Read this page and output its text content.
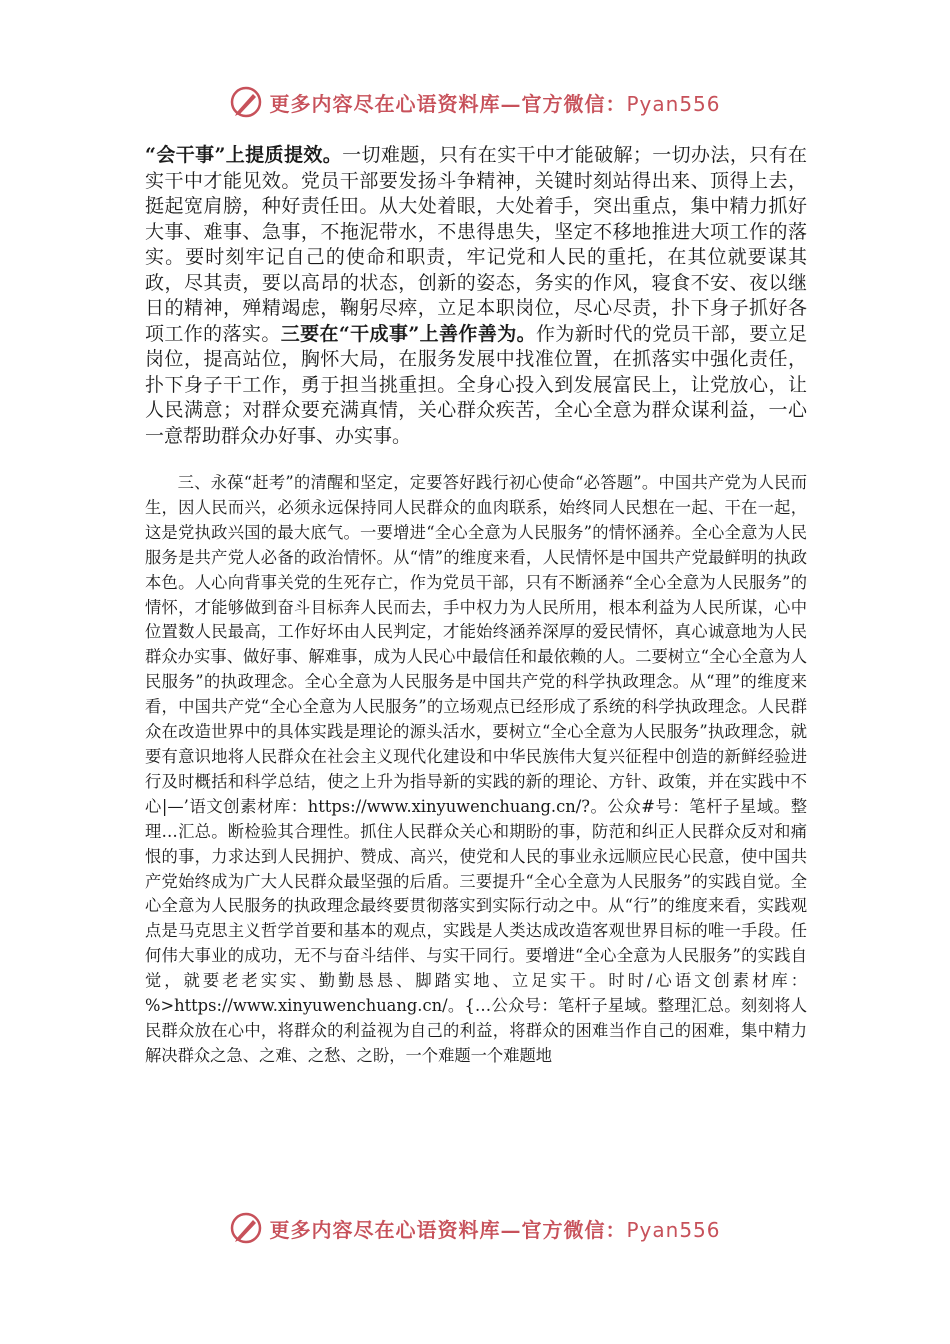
更多内容尽在心语资料库—官方微信：Pyan556

“会干事”上提质提效。一切难题，只有在实干中才能破解；一切办法，只有在实干中才能见效。党员干部要发扬斗争精神，关键时刻站得出来、顶得上去，挺起宽肩膀，种好责任田。从大处着眼，大处着手，突出重点，集中精力抓好大事、难事、急事，不拖泥带水，不患得患失，坚定不移地推进大项工作的落实。要时刻牢记自己的使命和职责，牢记党和人民的重托，在其位就要谋其政，尽其责，要以高昂的状态，创新的姿态，务实的作风，寝食不安、夜以继日的精神，殚精竭虑，鞠躬尽瘁，立足本职岗位，尽心尽责，扑下身子抓好各项工作的落实。三要在“干成事”上善作善为。作为新时代的党员干部，要立足岗位，提高站位，胸怀大局，在服务发展中找准位置，在抓落实中强化责任，扑下身子干工作，勇于担当挑重担。全身心投入到发展富民上，让党放心，让人民满意；对群众要充满真情，关心群众疾苦，全心全意为群众谋利益，一心一意帮助群众办好事、办实事。

三、永葆“赶考”的清醒和坚定，定要答好践行初心使命“必答题”。中国共产党为人民而生，因人民而兴，必须永远保持同人民群众的血肉联系，始终同人民想在一起、干在一起，这是党执政兴国的最大底气。一要增进“全心全意为人民服务”的情怀涵养。全心全意为人民服务是共产党人必备的政治情怀。从“情”的维度来看，人民情怀是中国共产党最鲜明的执政本色。人心向背事关党的生死存亡，作为党员干部，只有不断涵养“全心全意为人民服务”的情怀，才能够做到奋斗目标奔人民而去，手中权力为人民所用，根本利益为人民所谋，心中位置数人民最高，工作好坏由人民判定，才能始终涵养深厚的爱民情怀，真心诚意地为人民群众办实事、做好事、解难事，成为人民心中最信任和最依赖的人。二要树立“全心全意为人民服务”的执政理念。全心全意为人民服务是中国共产党的科学执政理念。从“理”的维度来看，中国共产党“全心全意为人民服务”的立场观点已经形成了系统的科学执政理念。人民群众在改造世界中的具体实践是理论的源头活水，要树立“全心全意为人民服务”执政理念，就要有意识地将人民群众在社会主义现代化建设和中华民族伟大复兴征程中创造的新鲜经验进行及时概括和科学总结，使之上升为指导新的实践的新的理论、方针、政策，并在实践中不心|—’语文创素材库：https://www.xinyuwenchuang.cn/?。公众#号：笔杆子星域。整理…汇总。断检验其合理性。抓住人民群众关心和期盼的事，防范和纠正人民群众反对和痛恨的事，力求达到人民拥护、赞成、高兴，使党和人民的事业永远顺应民心民意，使中国共产党始终成为广大人民群众最坚强的后盾。三要提升“全心全意为人民服务”的实践自觉。全心全意为人民服务的执政理念最终要贯彻落实到实际行动之中。从“行”的维度来看，实践观点是马克思主义哲学首要和基本的观点，实践是人类达成改造客观世界目标的唯一手段。任何伟大事业的成功，无不与奋斗结伴、与实干同行。要增进“全心全意为人民服务”的实践自觉，就要老老实实、勤勤恳恳、脚踏实地、立足实干。时时/心语文创素材库：%>https://www.xinyuwenchuang.cn/。{…公众号：笔杆子星域。整理汇总。刻刻将人民群众放在心中，将群众的利益视为自己的利益，将群众的困难当作自己的困难，集中精力解决群众之急、之难、之愁、之盼，一个难题一个难题地

更多内容尽在心语资料库—官方微信：Pyan556
